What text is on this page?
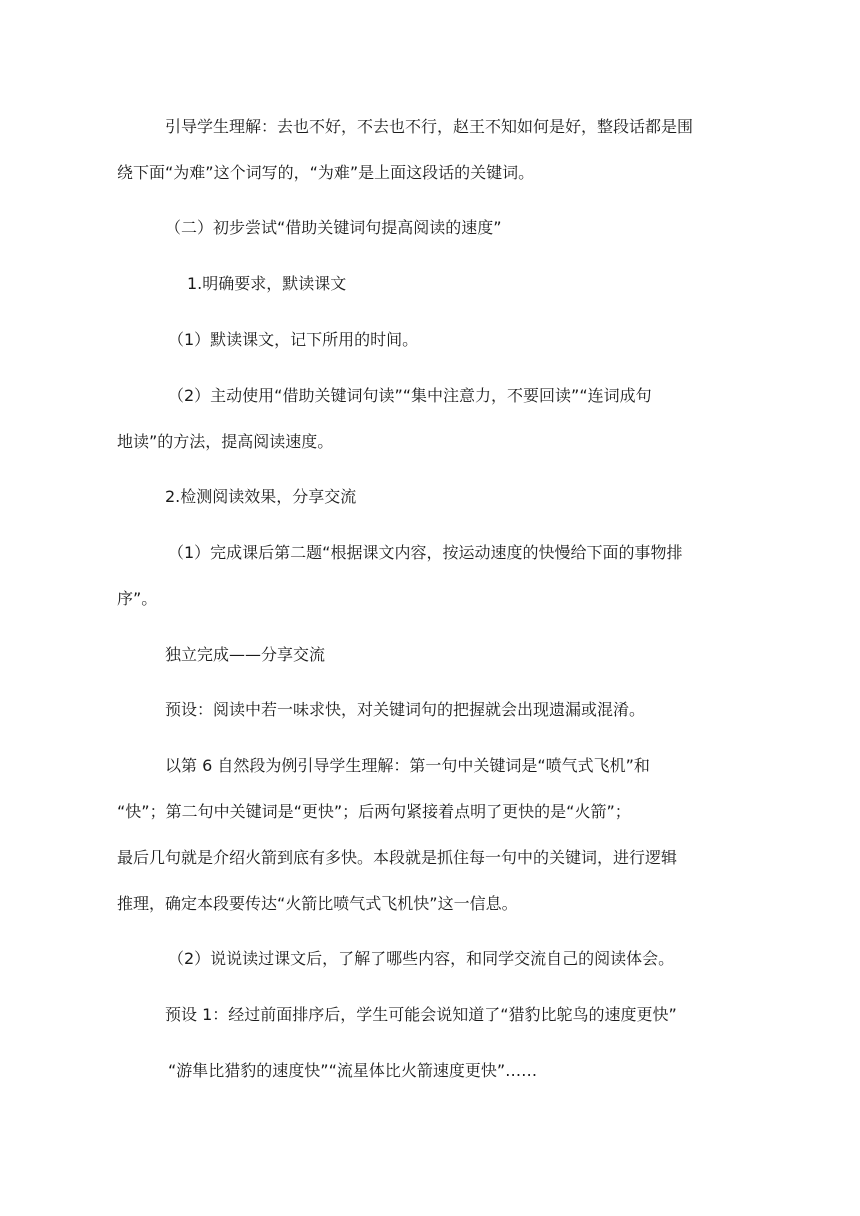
引导学生理解：去也不好，不去也不行，赵王不知如何是好，整段话都是围
绕下面“为难”这个词写的，“为难”是上面这段话的关键词。
（二）初步尝试“借助关键词句提高阅读的速度”
1.明确要求，默读课文
（1）默读课文，记下所用的时间。
（2）主动使用“借助关键词句读”“集中注意力，不要回读”“连词成句
地读”的方法，提高阅读速度。
2.检测阅读效果，分享交流
（1）完成课后第二题“根据课文内容，按运动速度的快慢给下面的事物排
序”。
独立完成——分享交流
预设：阅读中若一味求快，对关键词句的把握就会出现遗漏或混淆。
以第 6 自然段为例引导学生理解：第一句中关键词是“喷气式飞机”和
“快”；第二句中关键词是“更快”；后两句紧接着点明了更快的是“火箭”；
最后几句就是介绍火箭到底有多快。本段就是抓住每一句中的关键词，进行逻辑
推理，确定本段要传达“火箭比喷气式飞机快”这一信息。
（2）说说读过课文后，了解了哪些内容，和同学交流自己的阅读体会。
预设 1：经过前面排序后，学生可能会说知道了“猎豹比鸵鸟的速度更快”
“游隼比猎豹的速度快”“流星体比火箭速度更快”……
